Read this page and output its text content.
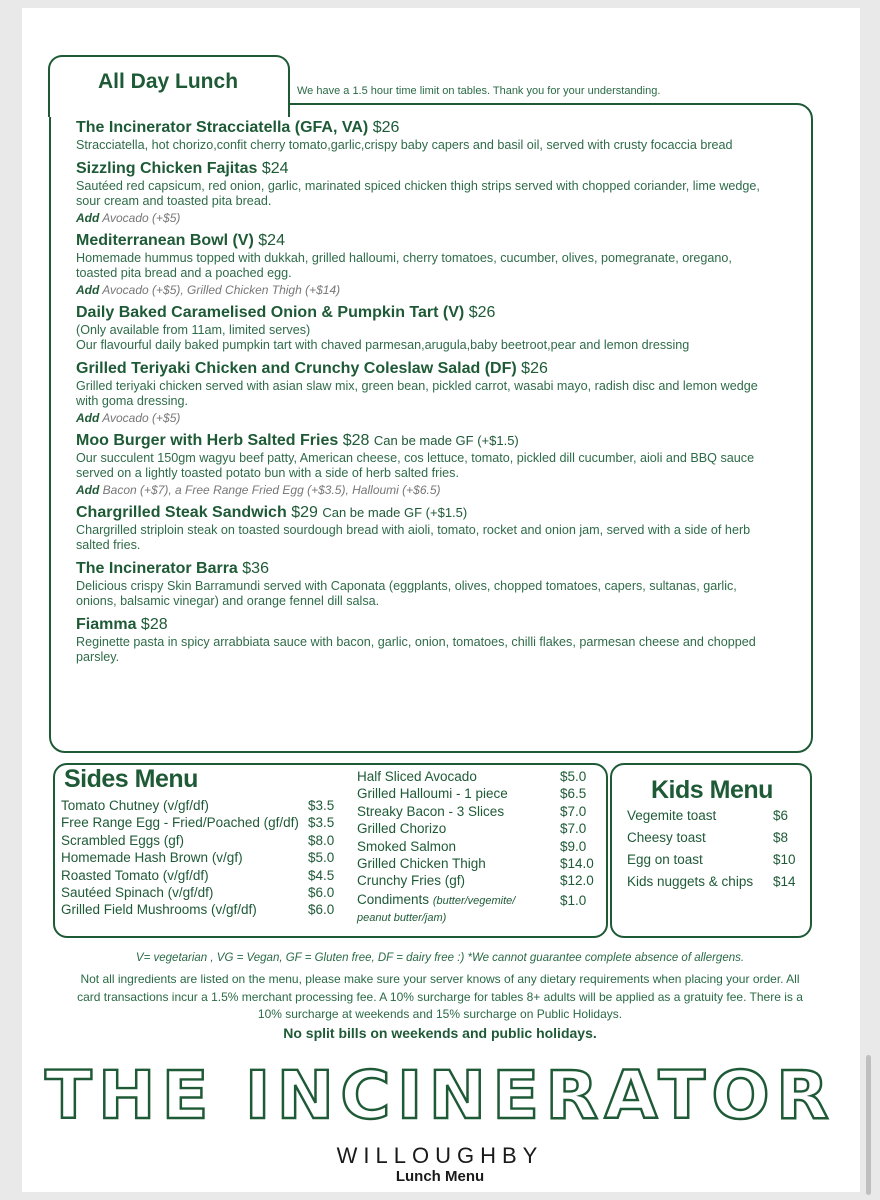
All Day Lunch	We have a 1.5 hour time limit on tables. Thank you for your understanding.
The Incinerator Stracciatella (GFA, VA) $26
Stracciatella, hot chorizo,confit cherry tomato,garlic,crispy baby capers and basil oil, served with crusty focaccia bread
Sizzling Chicken Fajitas $24
Sautéed red capsicum, red onion, garlic, marinated spiced chicken thigh strips served with chopped coriander, lime wedge, sour cream and toasted pita bread.
Add Avocado (+$5)
Mediterranean Bowl (V) $24
Homemade hummus topped with dukkah, grilled halloumi, cherry tomatoes, cucumber, olives, pomegranate, oregano, toasted pita bread and a poached egg.
Add Avocado (+$5), Grilled Chicken Thigh (+$14)
Daily Baked Caramelised Onion & Pumpkin Tart (V) $26
(Only available from 11am, limited serves)
Our flavourful daily baked pumpkin tart with chaved parmesan,arugula,baby beetroot,pear and lemon dressing
Grilled Teriyaki Chicken and Crunchy Coleslaw Salad (DF) $26
Grilled teriyaki chicken served with asian slaw mix, green bean, pickled carrot, wasabi mayo, radish disc and lemon wedge with goma dressing.
Add Avocado (+$5)
Moo Burger with Herb Salted Fries $28 Can be made GF (+$1.5)
Our succulent 150gm wagyu beef patty, American cheese, cos lettuce, tomato, pickled dill cucumber, aioli and BBQ sauce served on a lightly toasted potato bun with a side of herb salted fries.
Add Bacon (+$7), a Free Range Fried Egg (+$3.5), Halloumi (+$6.5)
Chargrilled Steak Sandwich $29 Can be made GF (+$1.5)
Chargrilled striploin steak on toasted sourdough bread with aioli, tomato, rocket and onion jam, served with a side of herb salted fries.
The Incinerator Barra $36
Delicious crispy Skin Barramundi served with Caponata (eggplants, olives, chopped tomatoes, capers, sultanas, garlic, onions, balsamic vinegar) and orange fennel dill salsa.
Fiamma $28
Reginette pasta in spicy arrabbiata sauce with bacon, garlic, onion, tomatoes, chilli flakes, parmesan cheese and chopped parsley.
Sides Menu
Tomato Chutney (v/gf/df)	$3.5
Free Range Egg - Fried/Poached (gf/df) $3.5
Scrambled Eggs (gf)	$8.0
Homemade Hash Brown (v/gf)	$5.0
Roasted Tomato (v/gf/df)	$4.5
Sautéed Spinach (v/gf/df)	$6.0
Grilled Field Mushrooms (v/gf/df)	$6.0
Half Sliced Avocado	$5.0
Grilled Halloumi - 1 piece	$6.5
Streaky Bacon - 3 Slices	$7.0
Grilled Chorizo	$7.0
Smoked Salmon	$9.0
Grilled Chicken Thigh	$14.0
Crunchy Fries (gf)	$12.0
Condiments (butter/vegemite/
peanut butter/jam)
$1.0
Kids Menu
Vegemite toast	$6
Cheesy toast	$8
Egg on toast	$10
Kids nuggets & chips $14
V= vegetarian , VG = Vegan, GF = Gluten free, DF = dairy free :) *We cannot guarantee complete absence of allergens.
Not all ingredients are listed on the menu, please make sure your server knows of any dietary requirements when placing your order. All card transactions incur a 1.5% merchant processing fee. A 10% surcharge for tables 8+ adults will be applied as a gratuity fee. There is a 10% surcharge at weekends and 15% surcharge on Public Holidays.
No split bills on weekends and public holidays.
THE INCINERATOR
WILLOUGHBY
Lunch Menu
